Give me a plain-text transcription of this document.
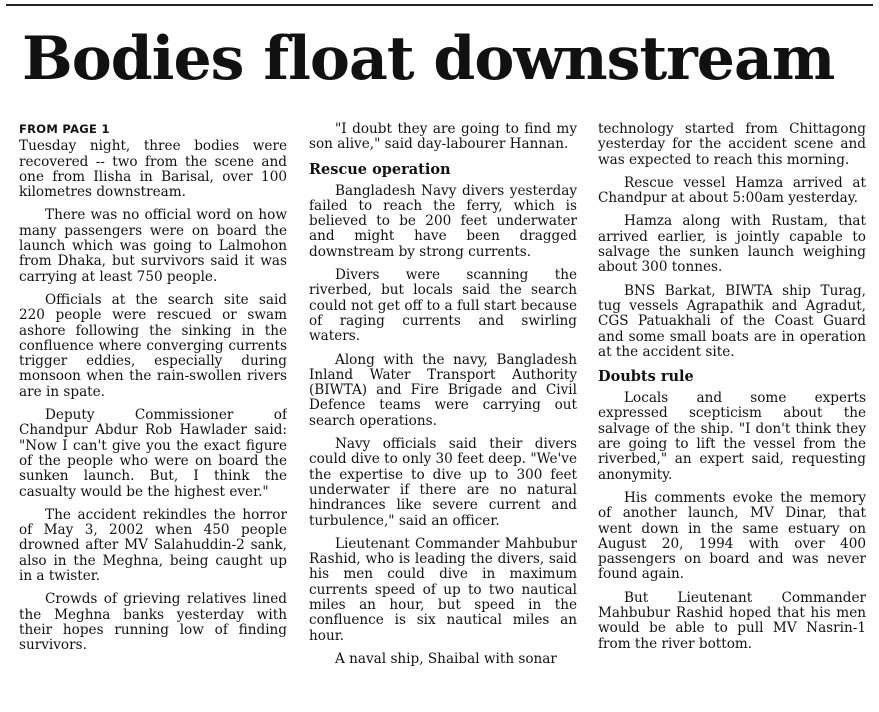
Bodies float downstream
FROM PAGE 1

Tuesday night, three bodies were recovered -- two from the scene and one from Ilisha in Barisal, over 100 kilometres downstream.

There was no official word on how many passengers were on board the launch which was going to Lalmohon from Dhaka, but survivors said it was carrying at least 750 people.

Officials at the search site said 220 people were rescued or swam ashore following the sinking in the confluence where converging currents trigger eddies, especially during monsoon when the rain-swollen rivers are in spate.

Deputy Commissioner of Chandpur Abdur Rob Hawlader said: "Now I can't give you the exact figure of the people who were on board the sunken launch. But, I think the casualty would be the highest ever."

The accident rekindles the horror of May 3, 2002 when 450 people drowned after MV Salahuddin-2 sank, also in the Meghna, being caught up in a twister.

Crowds of grieving relatives lined the Meghna banks yesterday with their hopes running low of finding survivors.

"I doubt they are going to find my son alive," said day-labourer Hannan.

Rescue operation

Bangladesh Navy divers yesterday failed to reach the ferry, which is believed to be 200 feet underwater and might have been dragged downstream by strong currents.

Divers were scanning the riverbed, but locals said the search could not get off to a full start because of raging currents and swirling waters.

Along with the navy, Bangladesh Inland Water Transport Authority (BIWTA) and Fire Brigade and Civil Defence teams were carrying out search operations.

Navy officials said their divers could dive to only 30 feet deep. "We've the expertise to dive up to 300 feet underwater if there are no natural hindrances like severe current and turbulence," said an officer.

Lieutenant Commander Mahbubur Rashid, who is leading the divers, said his men could dive in maximum currents speed of up to two nautical miles an hour, but speed in the confluence is six nautical miles an hour.

A naval ship, Shaibal with sonar

technology started from Chittagong yesterday for the accident scene and was expected to reach this morning.

Rescue vessel Hamza arrived at Chandpur at about 5:00am yesterday.

Hamza along with Rustam, that arrived earlier, is jointly capable to salvage the sunken launch weighing about 300 tonnes.

BNS Barkat, BIWTA ship Turag, tug vessels Agrapathik and Agradut, CGS Patuakhali of the Coast Guard and some small boats are in operation at the accident site.

Doubts rule

Locals and some experts expressed scepticism about the salvage of the ship. "I don't think they are going to lift the vessel from the riverbed," an expert said, requesting anonymity.

His comments evoke the memory of another launch, MV Dinar, that went down in the same estuary on August 20, 1994 with over 400 passengers on board and was never found again.

But Lieutenant Commander Mahbubur Rashid hoped that his men would be able to pull MV Nasrin-1 from the river bottom.
